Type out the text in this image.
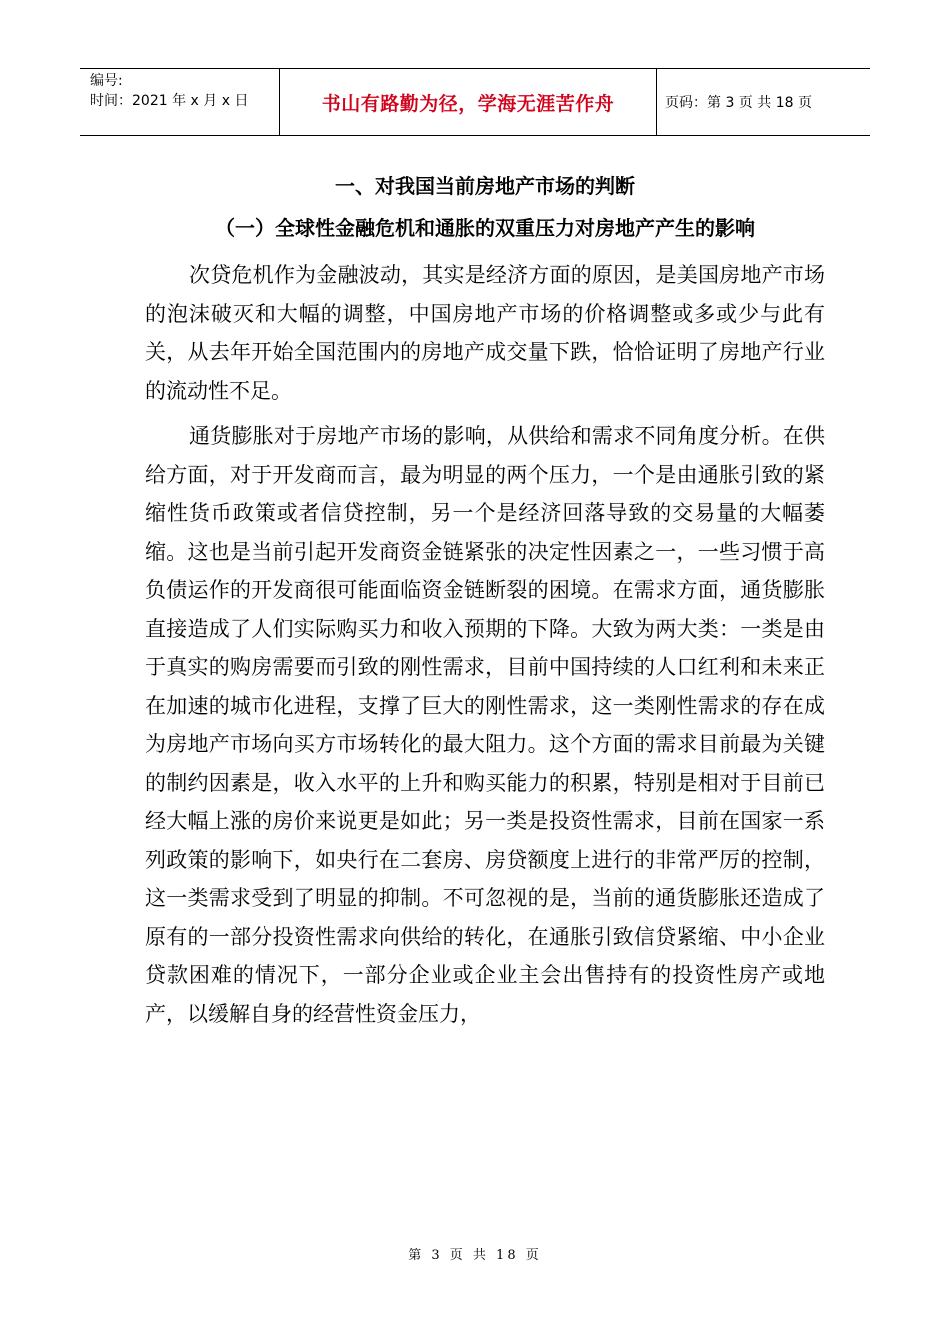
编号:
时间：2021 年 x 月 x 日	书山有路勤为径，学海无涯苦作舟	页码：第 3 页 共 18 页
一、对我国当前房地产市场的判断
（一）全球性金融危机和通胀的双重压力对房地产产生的影响

次贷危机作为金融波动，其实是经济方面的原因，是美国房地产市场的泡沫破灭和大幅的调整，中国房地产市场的价格调整或多或少与此有关，从去年开始全国范围内的房地产成交量下跌，恰恰证明了房地产行业的流动性不足。

通货膨胀对于房地产市场的影响，从供给和需求不同角度分析。在供给方面，对于开发商而言，最为明显的两个压力，一个是由通胀引致的紧缩性货币政策或者信贷控制，另一个是经济回落导致的交易量的大幅萎缩。这也是当前引起开发商资金链紧张的决定性因素之一，一些习惯于高负债运作的开发商很可能面临资金链断裂的困境。在需求方面，通货膨胀直接造成了人们实际购买力和收入预期的下降。大致为两大类：一类是由于真实的购房需要而引致的刚性需求，目前中国持续的人口红利和未来正在加速的城市化进程，支撑了巨大的刚性需求，这一类刚性需求的存在成为房地产市场向买方市场转化的最大阻力。这个方面的需求目前最为关键的制约因素是，收入水平的上升和购买能力的积累，特别是相对于目前已经大幅上涨的房价来说更是如此；另一类是投资性需求，目前在国家一系列政策的影响下，如央行在二套房、房贷额度上进行的非常严厉的控制，这一类需求受到了明显的抑制。不可忽视的是，当前的通货膨胀还造成了原有的一部分投资性需求向供给的转化，在通胀引致信贷紧缩、中小企业贷款困难的情况下，一部分企业或企业主会出售持有的投资性房产或地产，以缓解自身的经营性资金压力，

第 3 页 共 18 页
